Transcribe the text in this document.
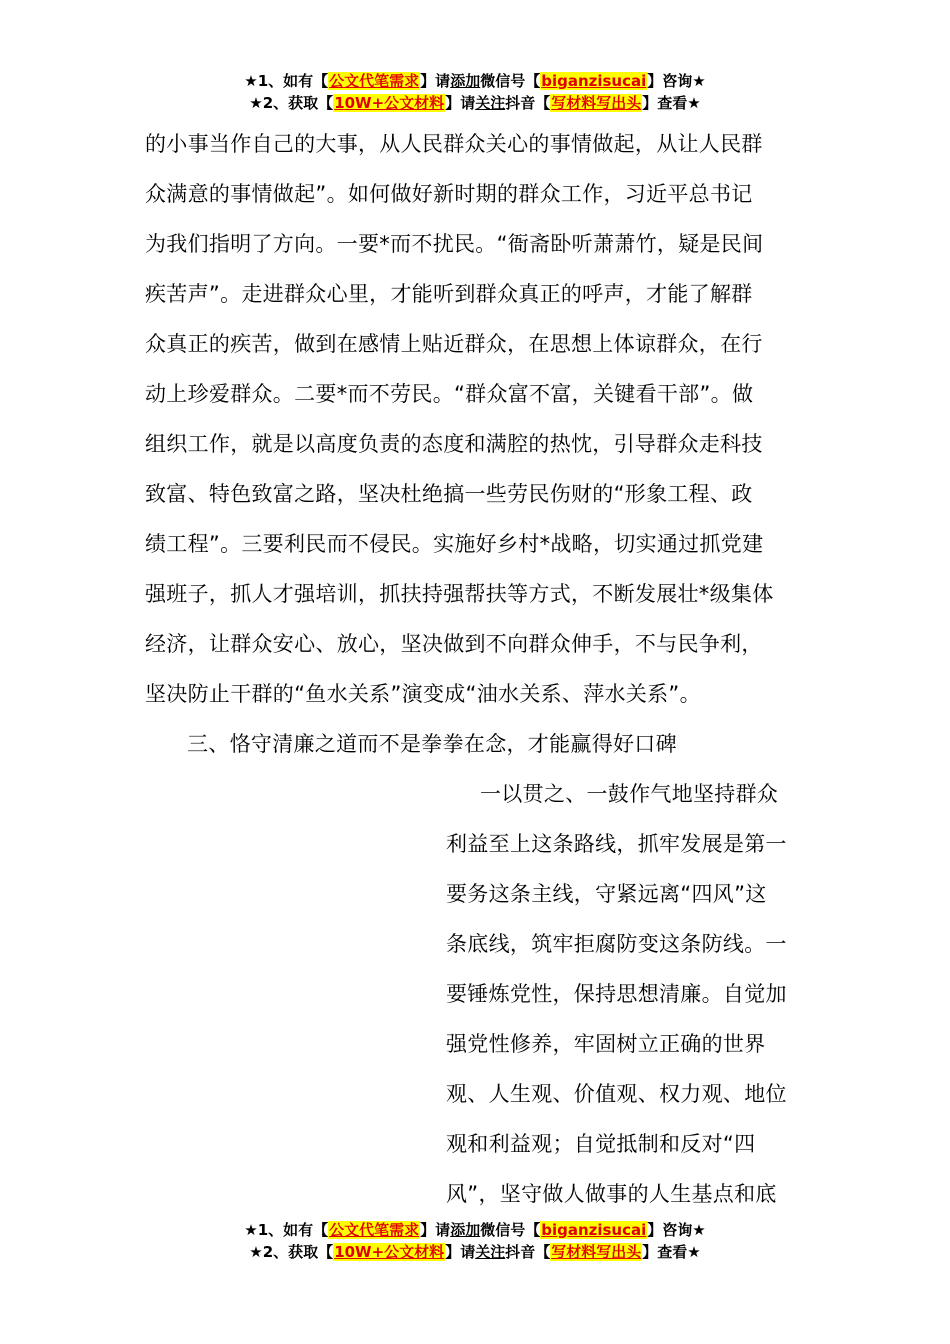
★1、如有【公文代笔需求】请添加微信号【biganzisucai】咨询★
★2、获取【10W+公文材料】请关注抖音【写材料写出头】查看★
的小事当作自己的大事，从人民群众关心的事情做起，从让人民群
众满意的事情做起”。如何做好新时期的群众工作，习近平总书记
为我们指明了方向。一要*而不扰民。“衙斋卧听萧萧竹，疑是民间
疾苦声”。走进群众心里，才能听到群众真正的呼声，才能了解群
众真正的疾苦，做到在感情上贴近群众，在思想上体谅群众，在行
动上珍爱群众。二要*而不劳民。“群众富不富，关键看干部”。做
组织工作，就是以高度负责的态度和满腔的热忱，引导群众走科技
致富、特色致富之路，坚决杜绝搞一些劳民伤财的“形象工程、政
绩工程”。三要利民而不侵民。实施好乡村*战略，切实通过抓党建
强班子，抓人才强培训，抓扶持强帮扶等方式，不断发展壮*级集体
经济，让群众安心、放心，坚决做到不向群众伸手，不与民争利，
坚决防止干群的“鱼水关系”演变成“油水关系、萍水关系”。
三、恪守清廉之道而不是拳拳在念，才能赢得好口碑
一以贯之、一鼓作气地坚持群众
利益至上这条路线，抓牢发展是第一
要务这条主线，守紧远离“四风”这
条底线，筑牢拒腐防变这条防线。一
要锤炼党性，保持思想清廉。自觉加
强党性修养，牢固树立正确的世界
观、人生观、价值观、权力观、地位
观和利益观；自觉抵制和反对“四
风”，坚守做人做事的人生基点和底
★1、如有【公文代笔需求】请添加微信号【biganzisucai】咨询★
★2、获取【10W+公文材料】请关注抖音【写材料写出头】查看★
